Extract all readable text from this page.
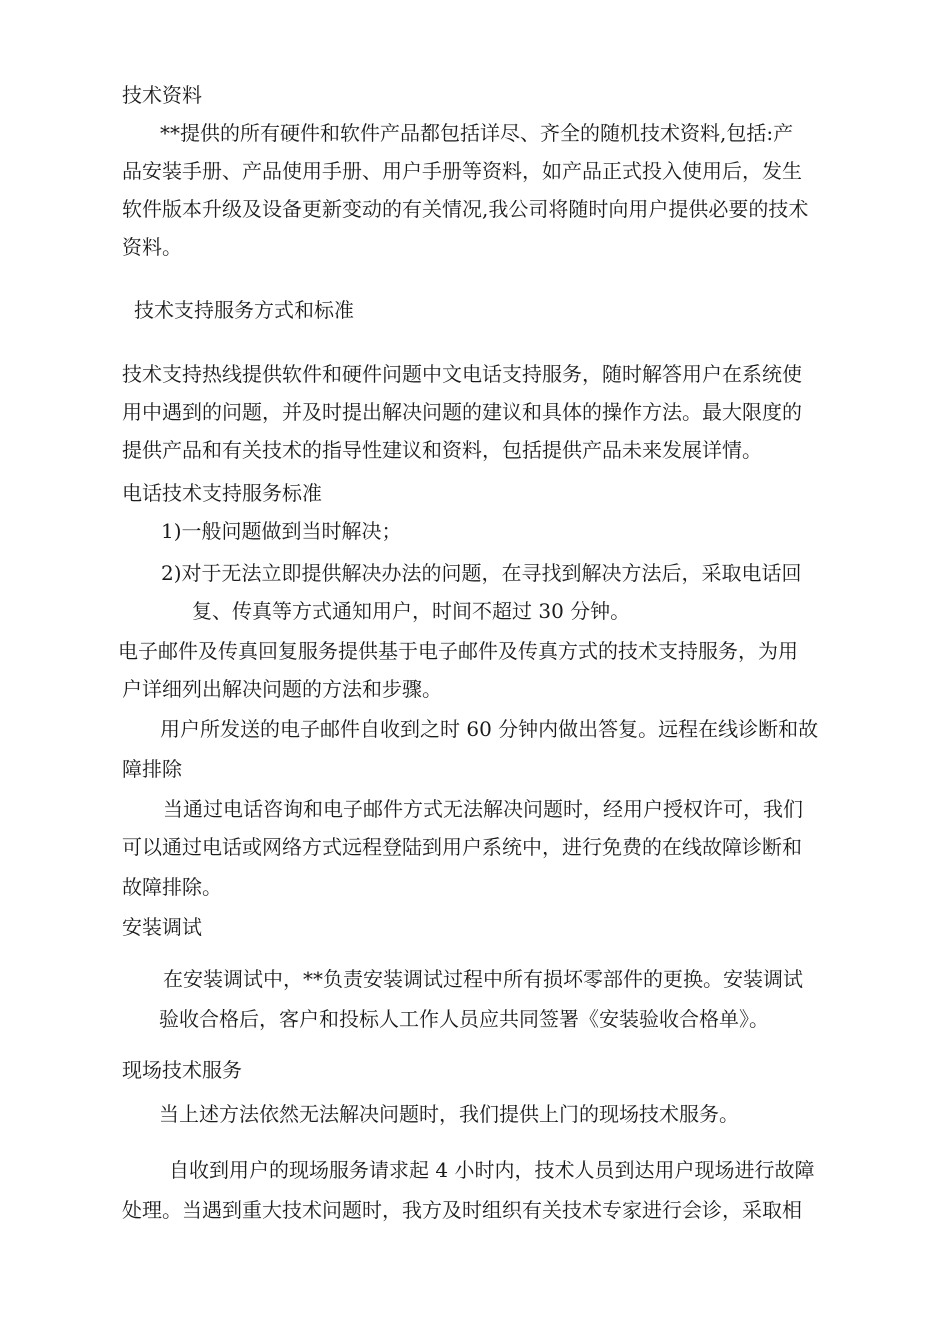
技术资料
**提供的所有硬件和软件产品都包括详尽、齐全的随机技术资料,包括:产
品安装手册、产品使用手册、用户手册等资料，如产品正式投入使用后，发生
软件版本升级及设备更新变动的有关情况,我公司将随时向用户提供必要的技术
资料。
技术支持服务方式和标准
技术支持热线提供软件和硬件问题中文电话支持服务，随时解答用户在系统使
用中遇到的问题，并及时提出解决问题的建议和具体的操作方法。最大限度的
提供产品和有关技术的指导性建议和资料，包括提供产品未来发展详情。
电话技术支持服务标准
1)一般问题做到当时解决；
2)对于无法立即提供解决办法的问题，在寻找到解决方法后，采取电话回
复、传真等方式通知用户，时间不超过 30 分钟。
电子邮件及传真回复服务提供基于电子邮件及传真方式的技术支持服务，为用
户详细列出解决问题的方法和步骤。
用户所发送的电子邮件自收到之时 60 分钟内做出答复。远程在线诊断和故
障排除
当通过电话咨询和电子邮件方式无法解决问题时，经用户授权许可，我们
可以通过电话或网络方式远程登陆到用户系统中，进行免费的在线故障诊断和
故障排除。
安装调试
在安装调试中，**负责安装调试过程中所有损坏零部件的更换。安装调试
验收合格后，客户和投标人工作人员应共同签署《安装验收合格单》。
现场技术服务
当上述方法依然无法解决问题时，我们提供上门的现场技术服务。
自收到用户的现场服务请求起 4 小时内，技术人员到达用户现场进行故障
处理。当遇到重大技术问题时，我方及时组织有关技术专家进行会诊，采取相
